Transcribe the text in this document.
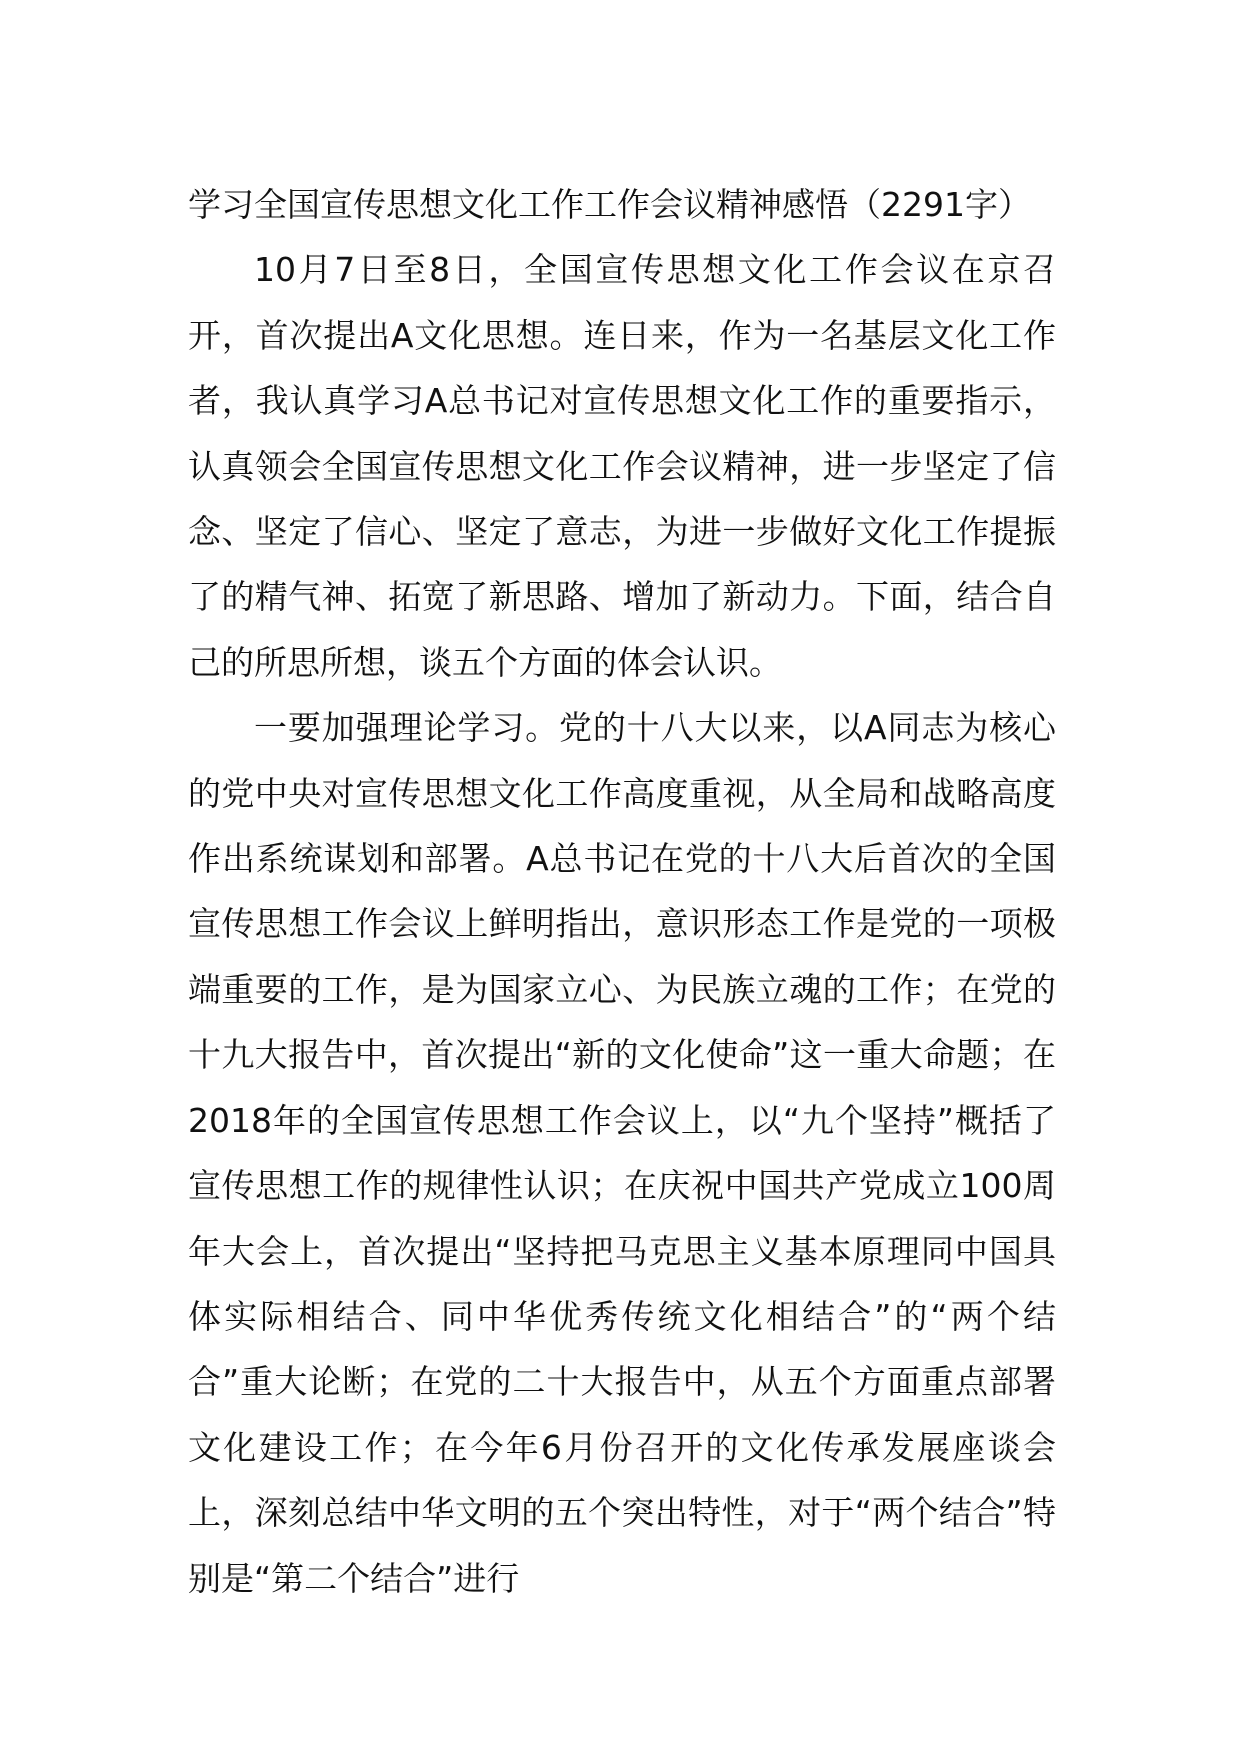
学习全国宣传思想文化工作工作会议精神感悟（2291字）

10月7日至8日，全国宣传思想文化工作会议在京召开，首次提出A文化思想。连日来，作为一名基层文化工作者，我认真学习A总书记对宣传思想文化工作的重要指示，认真领会全国宣传思想文化工作会议精神，进一步坚定了信念、坚定了信心、坚定了意志，为进一步做好文化工作提振了的精气神、拓宽了新思路、增加了新动力。下面，结合自己的所思所想，谈五个方面的体会认识。

一要加强理论学习。党的十八大以来，以A同志为核心的党中央对宣传思想文化工作高度重视，从全局和战略高度作出系统谋划和部署。A总书记在党的十八大后首次的全国宣传思想工作会议上鲜明指出，意识形态工作是党的一项极端重要的工作，是为国家立心、为民族立魂的工作；在党的十九大报告中，首次提出“新的文化使命”这一重大命题；在2018年的全国宣传思想工作会议上，以“九个坚持”概括了宣传思想工作的规律性认识；在庆祝中国共产党成立100周年大会上，首次提出“坚持把马克思主义基本原理同中国具体实际相结合、同中华优秀传统文化相结合”的“两个结合”重大论断；在党的二十大报告中，从五个方面重点部署文化建设工作；在今年6月份召开的文化传承发展座谈会上，深刻总结中华文明的五个突出特性，对于“两个结合”特别是“第二个结合”进行
